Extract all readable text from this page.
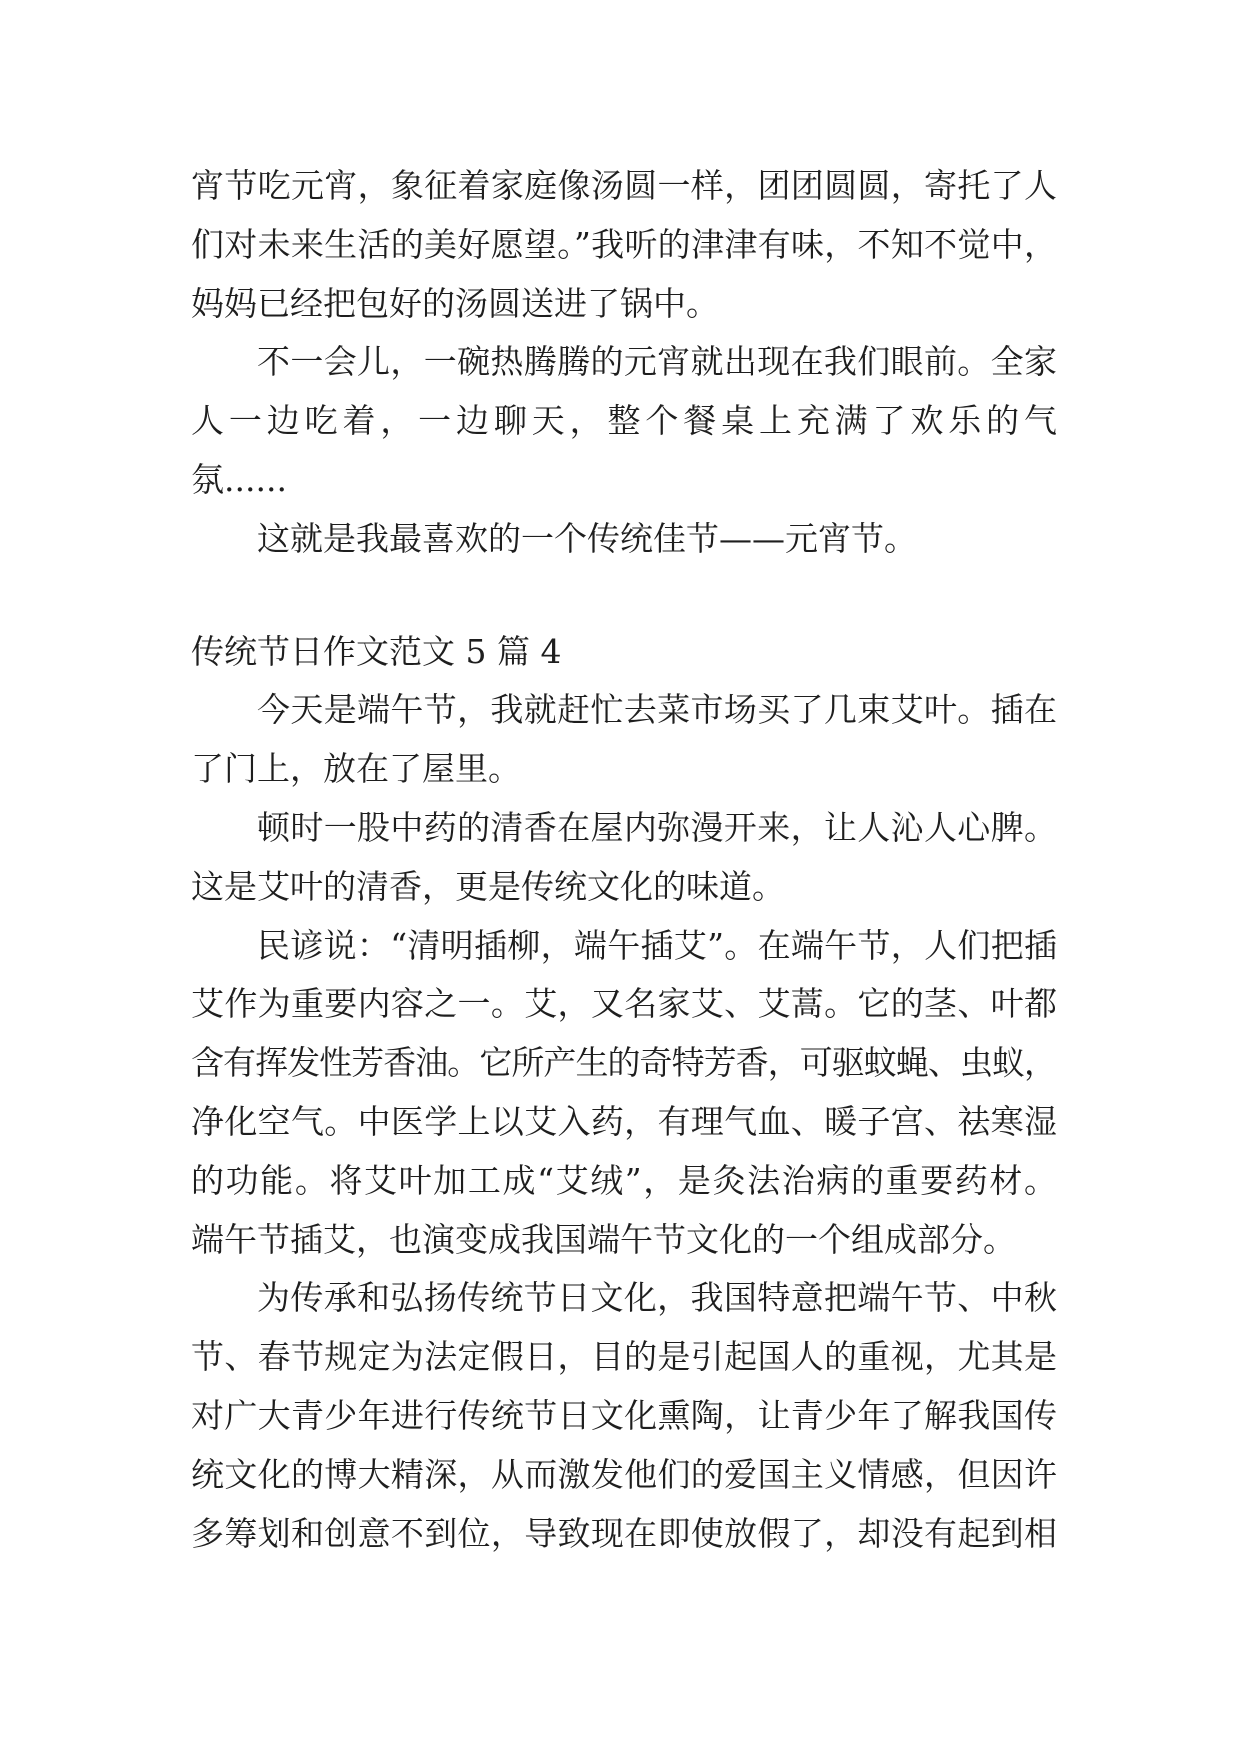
宵节吃元宵，象征着家庭像汤圆一样，团团圆圆，寄托了人
们对未来生活的美好愿望。”我听的津津有味，不知不觉中，
妈妈已经把包好的汤圆送进了锅中。
不一会儿，一碗热腾腾的元宵就出现在我们眼前。全家
人一边吃着，一边聊天，整个餐桌上充满了欢乐的气
氛......
这就是我最喜欢的一个传统佳节——元宵节。
传统节日作文范文 5 篇 4
今天是端午节，我就赶忙去菜市场买了几束艾叶。插在
了门上，放在了屋里。
顿时一股中药的清香在屋内弥漫开来，让人沁人心脾。
这是艾叶的清香，更是传统文化的味道。
民谚说：“清明插柳，端午插艾”。在端午节，人们把插
艾作为重要内容之一。艾，又名家艾、艾蒿。它的茎、叶都
含有挥发性芳香油。它所产生的奇特芳香，可驱蚊蝇、虫蚁，
净化空气。中医学上以艾入药，有理气血、暖子宫、祛寒湿
的功能。将艾叶加工成“艾绒”，是灸法治病的重要药材。
端午节插艾，也演变成我国端午节文化的一个组成部分。
为传承和弘扬传统节日文化，我国特意把端午节、中秋
节、春节规定为法定假日，目的是引起国人的重视，尤其是
对广大青少年进行传统节日文化熏陶，让青少年了解我国传
统文化的博大精深，从而激发他们的爱国主义情感，但因许
多筹划和创意不到位，导致现在即使放假了，却没有起到相
